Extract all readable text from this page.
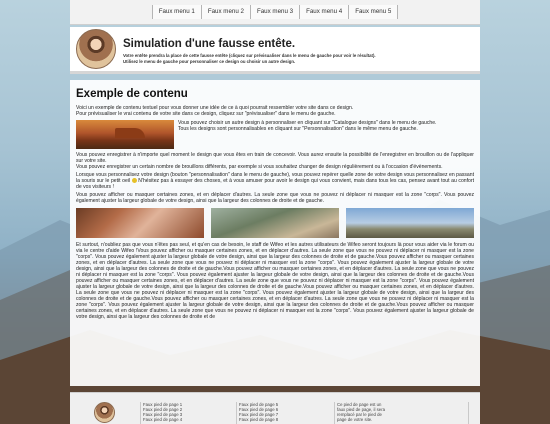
Faux menu 1	Faux menu 2	Faux menu 3	Faux menu 4	Faux menu 5
Simulation d'une fausse entête.
Votre entête prendra la place de cette fausse entête (cliquez sur prévisualiser dans le menu de gauche pour voir le résultat).
Utilisez le menu de gauche pour personnaliser ce design ou choisir un autre design.
Exemple de contenu
Voici un exemple de contenu textuel pour vous donner une idée de ce à quoi pourrait ressembler votre site dans ce design.
Pour prévisualiser le vrai contenu de votre site dans ce design, cliquez sur "prévisualiser" dans le menu de gauche.
Vous pouvez choisir un autre design à personnaliser en cliquant sur "Catalogue designs" dans le menu de gauche.
Tous les designs sont personnalisables en cliquant sur "Personnalisation" dans le même menu de gauche.
Vous pouvez enregistrer à n'importe quel moment le design que vous êtes en train de concevoir. Vous aurez ensuite la possibilité de l'enregistrer en brouillon ou de l'appliquer sur votre site.
Vous pouvez enregistrer un certain nombre de brouillons différents, par exemple si vous souhaitez changer de design régulièrement ou à l'occasion d'évènements.
Lorsque vous personnalisez votre design (bouton "personnalisation" dans le menu de gauche), vous pouvez repérer quelle zone de votre design vous personnalisez en passant la souris sur le petit oeil N'hésitez pas à essayer des choses, et à vous amuser pour avoir le design qui vous convient, mais dans tous les cas, pensez avant tout au confort de vos visiteurs !
Vous pouvez afficher ou masquer certaines zones, et en déplacer d'autres. La seule zone que vous ne pouvez ni déplacer ni masquer est la zone "corps". Vous pouvez également ajuster la largeur globale de votre design, ainsi que la largeur des colonnes de droite et de gauche.
Et surtout, n'oubliez pas que vous n'êtes pas seul, et qu'en cas de besoin, le staff de Wifeo et les autres utilisateurs de Wifeo seront toujours là pour vous aider via le forum ou via le centre d'aide Wifeo !Vous pouvez afficher ou masquer certaines zones, et en déplacer d'autres. La seule zone que vous ne pouvez ni déplacer ni masquer est la zone "corps". Vous pouvez également ajuster la largeur globale de votre design, ainsi que la largeur des colonnes de droite et de gauche.Vous pouvez afficher ou masquer certaines zones, et en déplacer d'autres. La seule zone que vous ne pouvez ni déplacer ni masquer est la zone "corps". Vous pouvez également ajuster la largeur globale de votre design, ainsi que la largeur des colonnes de droite et de gauche.Vous pouvez afficher ou masquer certaines zones, et en déplacer d'autres. La seule zone que vous ne pouvez ni déplacer ni masquer est la zone "corps". Vous pouvez également ajuster la largeur globale de votre design, ainsi que la largeur des colonnes de droite et de gauche.Vous pouvez afficher ou masquer certaines zones, et en déplacer d'autres. La seule zone que vous ne pouvez ni déplacer ni masquer est la zone "corps". Vous pouvez également ajuster la largeur globale de votre design, ainsi que la largeur des colonnes de droite et de gauche.Vous pouvez afficher ou masquer certaines zones, et en déplacer d'autres. La seule zone que vous ne pouvez ni déplacer ni masquer est la zone "corps". Vous pouvez également ajuster la largeur globale de votre design, ainsi que la largeur des colonnes de droite et de gauche.Vous pouvez afficher ou masquer certaines zones, et en déplacer d'autres. La seule zone que vous ne pouvez ni déplacer ni masquer est la zone "corps". Vous pouvez également ajuster la largeur globale de votre design, ainsi que la largeur des colonnes de droite et de gauche.Vous pouvez afficher ou masquer certaines zones, et en déplacer d'autres. La seule zone que vous ne pouvez ni déplacer ni masquer est la zone "corps". Vous pouvez également ajuster la largeur globale de votre design, ainsi que la largeur des colonnes de droite et de
Faux pied de page 1
Faux pied de page 2
Faux pied de page 3
Faux pied de page 4
Faux pied de page 5
Faux pied de page 6
Faux pied de page 7
Faux pied de page 8
Ce pied de page est un faux pied de page, il sera remplacé par le pied de page de votre site.
